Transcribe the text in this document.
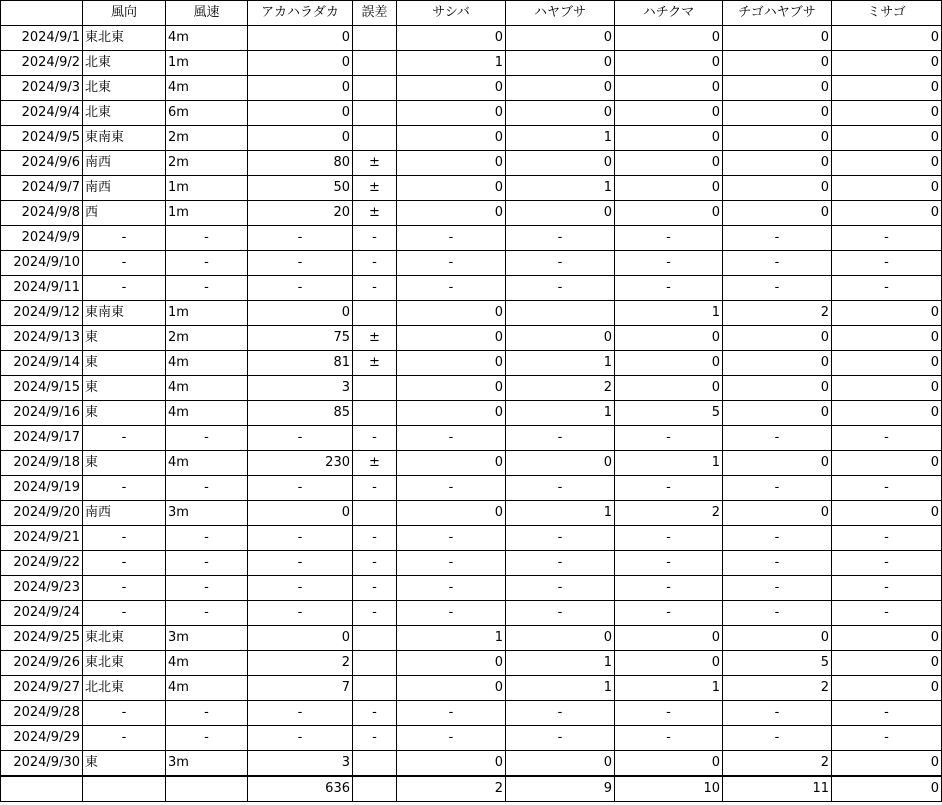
	風向	風速	アカハラダカ	誤差	サシバ	ハヤブサ	ハチクマ	チゴハヤブサ	ミサゴ
2024/9/1	東北東	4m	0		0	0	0	0	0
2024/9/2	北東	1m	0		1	0	0	0	0
2024/9/3	北東	4m	0		0	0	0	0	0
2024/9/4	北東	6m	0		0	0	0	0	0
2024/9/5	東南東	2m	0		0	1	0	0	0
2024/9/6	南西	2m	80	±	0	0	0	0	0
2024/9/7	南西	1m	50	±	0	1	0	0	0
2024/9/8	西	1m	20	±	0	0	0	0	0
2024/9/9	-	-	-	-	-	-	-	-	-
2024/9/10	-	-	-	-	-	-	-	-	-
2024/9/11	-	-	-	-	-	-	-	-	-
2024/9/12	東南東	1m	0		0		1	2	0
2024/9/13	東	2m	75	±	0	0	0	0	0
2024/9/14	東	4m	81	±	0	1	0	0	0
2024/9/15	東	4m	3		0	2	0	0	0
2024/9/16	東	4m	85		0	1	5	0	0
2024/9/17	-	-	-	-	-	-	-	-	-
2024/9/18	東	4m	230	±	0	0	1	0	0
2024/9/19	-	-	-	-	-	-	-	-	-
2024/9/20	南西	3m	0		0	1	2	0	0
2024/9/21	-	-	-	-	-	-	-	-	-
2024/9/22	-	-	-	-	-	-	-	-	-
2024/9/23	-	-	-	-	-	-	-	-	-
2024/9/24	-	-	-	-	-	-	-	-	-
2024/9/25	東北東	3m	0		1	0	0	0	0
2024/9/26	東北東	4m	2		0	1	0	5	0
2024/9/27	北北東	4m	7		0	1	1	2	0
2024/9/28	-	-	-	-	-	-	-	-	-
2024/9/29	-	-	-	-	-	-	-	-	-
2024/9/30	東	3m	3		0	0	0	2	0
			636		2	9	10	11	0
